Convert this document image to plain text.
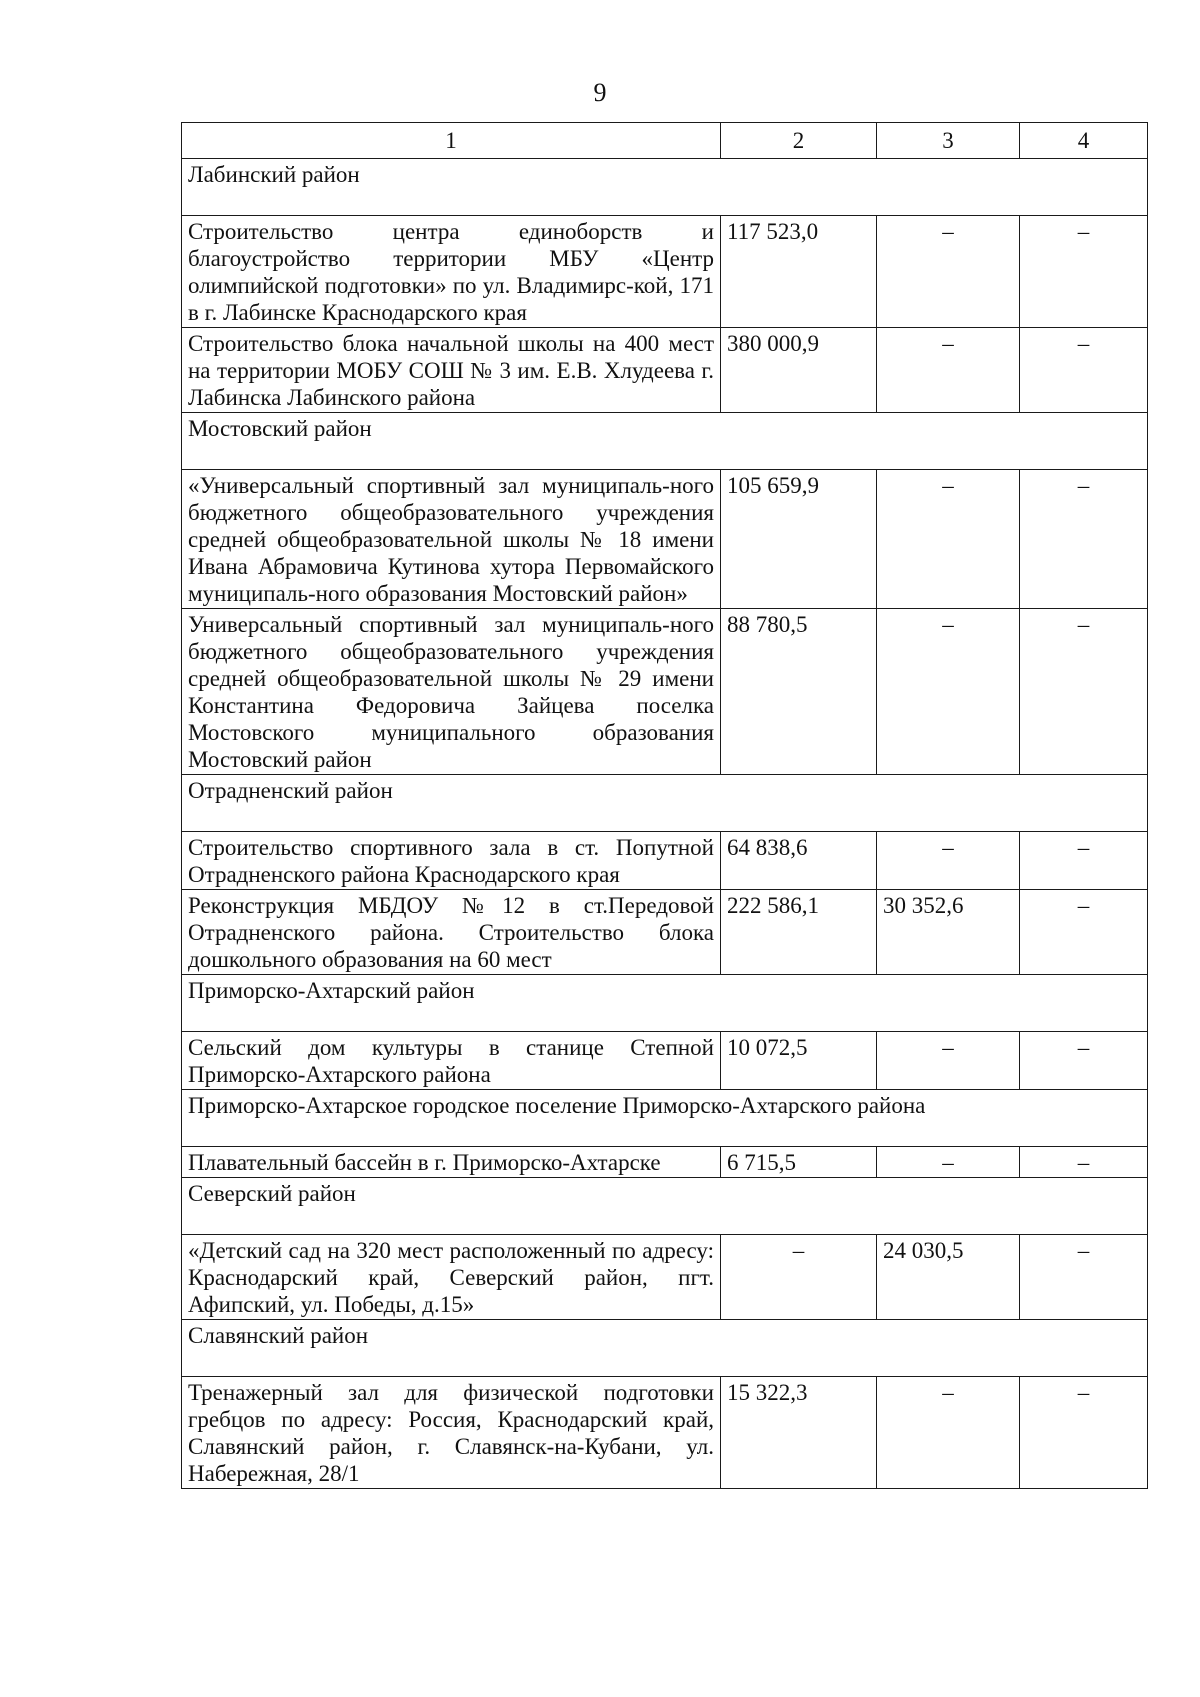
9
1	2	3	4
Лабинский район			
Строительство центра единоборств и благоустройство территории МБУ «Центр олимпийской подготовки» по ул. Владимирс-кой, 171 в г. Лабинске Краснодарского края	117 523,0	–	–
Строительство блока начальной школы на 400 мест на территории МОБУ СОШ № 3 им. Е.В. Хлудеева г. Лабинска Лабинского района	380 000,9	–	–
Мостовский район			
«Универсальный спортивный зал муниципаль-ного бюджетного общеобразовательного учреждения средней общеобразовательной школы № 18 имени Ивана Абрамовича Кутинова хутора Первомайского муниципаль-ного образования Мостовский район»	105 659,9	–	–
Универсальный спортивный зал муниципаль-ного бюджетного общеобразовательного учреждения средней общеобразовательной школы № 29 имени Константина Федоровича Зайцева поселка Мостовского муниципального образования Мостовский район	88 780,5	–	–
Отрадненский район			
Строительство спортивного зала в ст. Попутной Отрадненского района Краснодарского края	64 838,6	–	–
Реконструкция МБДОУ №12 в ст.Передовой Отрадненского района. Строительство блока дошкольного образования на 60 мест	222 586,1	30 352,6	–
Приморско-Ахтарский район			
Сельский дом культуры в станице Степной Приморско-Ахтарского района	10 072,5	–	–
Приморско-Ахтарское городское поселение Приморско-Ахтарского района			
Плавательный бассейн в г. Приморско-Ахтарске	6 715,5	–	–
Северский район			
«Детский сад на 320 мест расположенный по адресу: Краснодарский край, Северский район, пгт. Афипский, ул. Победы, д.15»	–	24 030,5	–
Славянский район			
Тренажерный зал для физической подготовки гребцов по адресу: Россия, Краснодарский край, Славянский район, г. Славянск-на-Кубани, ул. Набережная, 28/1	15 322,3	–	–
